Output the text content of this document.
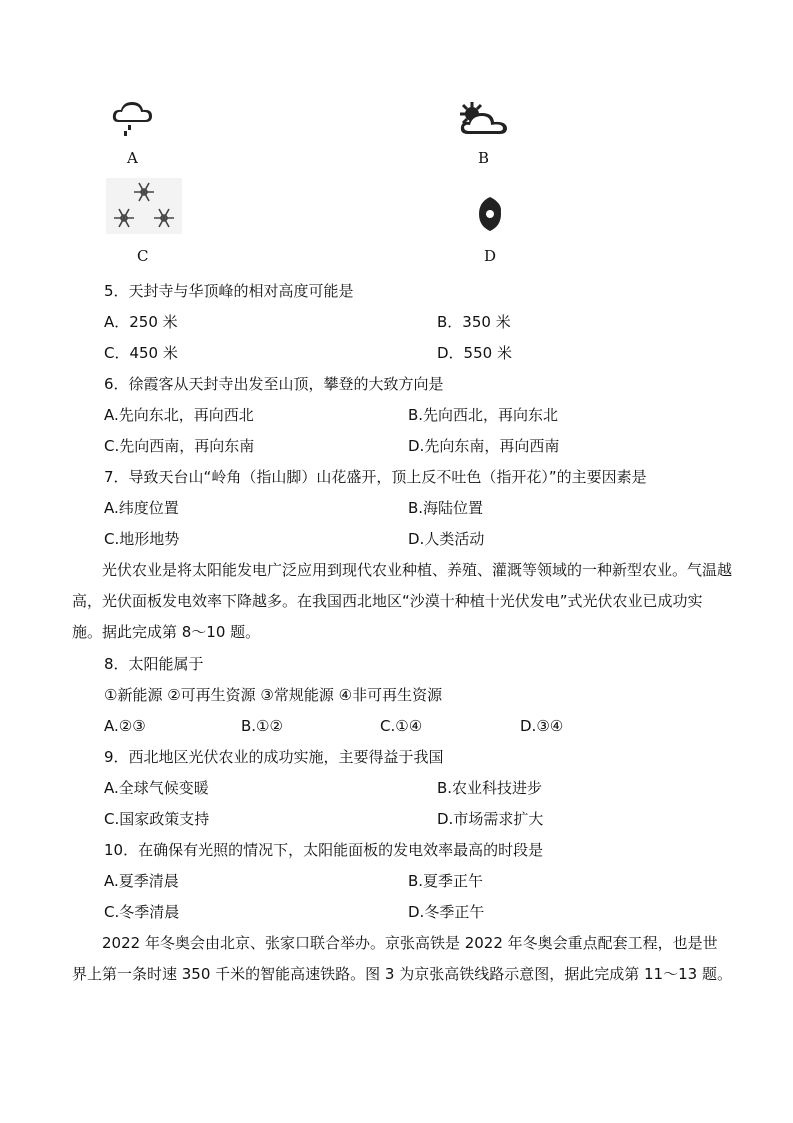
A	B
C	D
5．天封寺与华顶峰的相对高度可能是
A．250 米	B．350 米
C．450 米	D．550 米
6．徐霞客从天封寺出发至山顶，攀登的大致方向是
A.先向东北，再向西北	B.先向西北，再向东北
C.先向西南，再向东南	D.先向东南，再向西南
7．导致天台山“岭角（指山脚）山花盛开，顶上反不吐色（指开花）”的主要因素是
A.纬度位置	B.海陆位置
C.地形地势	D.人类活动
光伏农业是将太阳能发电广泛应用到现代农业种植、养殖、灌溉等领域的一种新型农业。气温越高，光伏面板发电效率下降越多。在我国西北地区“沙漠十种植十光伏发电”式光伏农业已成功实施。据此完成第 8～10 题。
8．太阳能属于
①新能源 ②可再生资源 ③常规能源 ④非可再生资源
A.②③	B.①②	C.①④	D.③④
9．西北地区光伏农业的成功实施，主要得益于我国
A.全球气候变暖	B.农业科技进步
C.国家政策支持	D.市场需求扩大
10．在确保有光照的情况下，太阳能面板的发电效率最高的时段是
A.夏季清晨	B.夏季正午
C.冬季清晨	D.冬季正午
2022 年冬奥会由北京、张家口联合举办。京张高铁是 2022 年冬奥会重点配套工程，也是世界上第一条时速 350 千米的智能高速铁路。图 3 为京张高铁线路示意图，据此完成第 11～13 题。
